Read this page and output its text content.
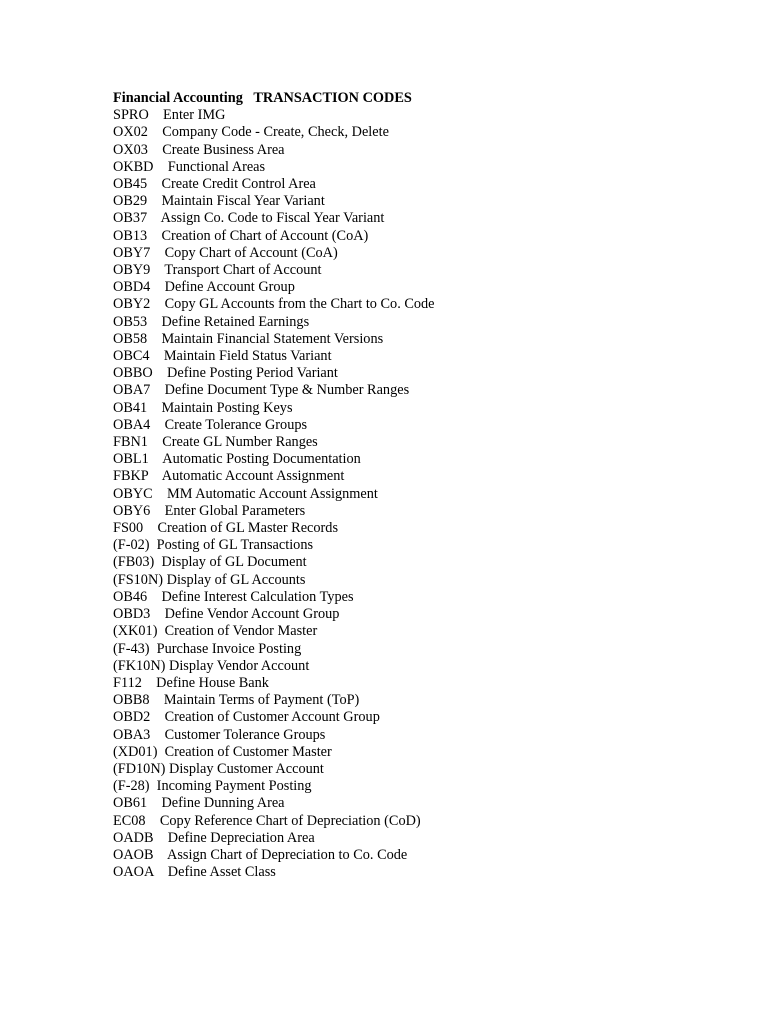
Financial Accounting   TRANSACTION CODES
SPRO    Enter IMG
OX02    Company Code - Create, Check, Delete
OX03    Create Business Area
OKBD    Functional Areas
OB45    Create Credit Control Area
OB29    Maintain Fiscal Year Variant
OB37    Assign Co. Code to Fiscal Year Variant
OB13    Creation of Chart of Account (CoA)
OBY7    Copy Chart of Account (CoA)
OBY9    Transport Chart of Account
OBD4    Define Account Group
OBY2    Copy GL Accounts from the Chart to Co. Code
OB53    Define Retained Earnings
OB58    Maintain Financial Statement Versions
OBC4    Maintain Field Status Variant
OBBO    Define Posting Period Variant
OBA7    Define Document Type & Number Ranges
OB41    Maintain Posting Keys
OBA4    Create Tolerance Groups
FBN1    Create GL Number Ranges
OBL1    Automatic Posting Documentation
FBKP    Automatic Account Assignment
OBYC    MM Automatic Account Assignment
OBY6    Enter Global Parameters
FS00    Creation of GL Master Records
(F-02)  Posting of GL Transactions
(FB03)  Display of GL Document
(FS10N) Display of GL Accounts
OB46    Define Interest Calculation Types
OBD3    Define Vendor Account Group
(XK01)  Creation of Vendor Master
(F-43)  Purchase Invoice Posting
(FK10N) Display Vendor Account
F112    Define House Bank
OBB8    Maintain Terms of Payment (ToP)
OBD2    Creation of Customer Account Group
OBA3    Customer Tolerance Groups
(XD01)  Creation of Customer Master
(FD10N) Display Customer Account
(F-28)  Incoming Payment Posting
OB61    Define Dunning Area
EC08    Copy Reference Chart of Depreciation (CoD)
OADB    Define Depreciation Area
OAOB    Assign Chart of Depreciation to Co. Code
OAOA    Define Asset Class
